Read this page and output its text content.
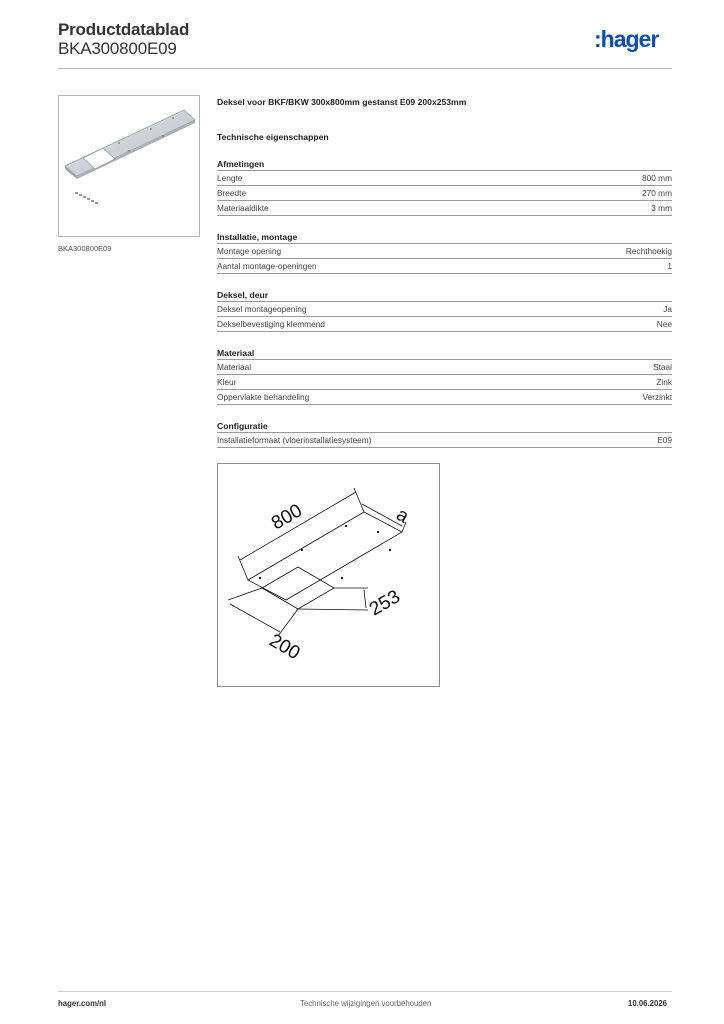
Productdatablad
BKA300800E09	:hager
BKA300800E09
Deksel voor BKF/BKW 300x800mm gestanst E09 200x253mm
Technische eigenschappen
Afmetingen
Lengte	800 mm
Breedte	270 mm
Materiaaldikte	3 mm
Installatie, montage
Montage opening	Rechthoekig
Aantal montage-openingen	1
Deksel, deur
Deksel montageopening	Ja
Dekselbevestiging klemmend	Nee
Materiaal
Materiaal	Staal
Kleur	Zink
Oppervlakte behandeling	Verzinkt
Configuratie
Installatieformaat (vloerinstallatiesysteem)	E09
800	a
253
200
hager.com/nl	Technische wijzigingen voorbehouden	10.06.2026
